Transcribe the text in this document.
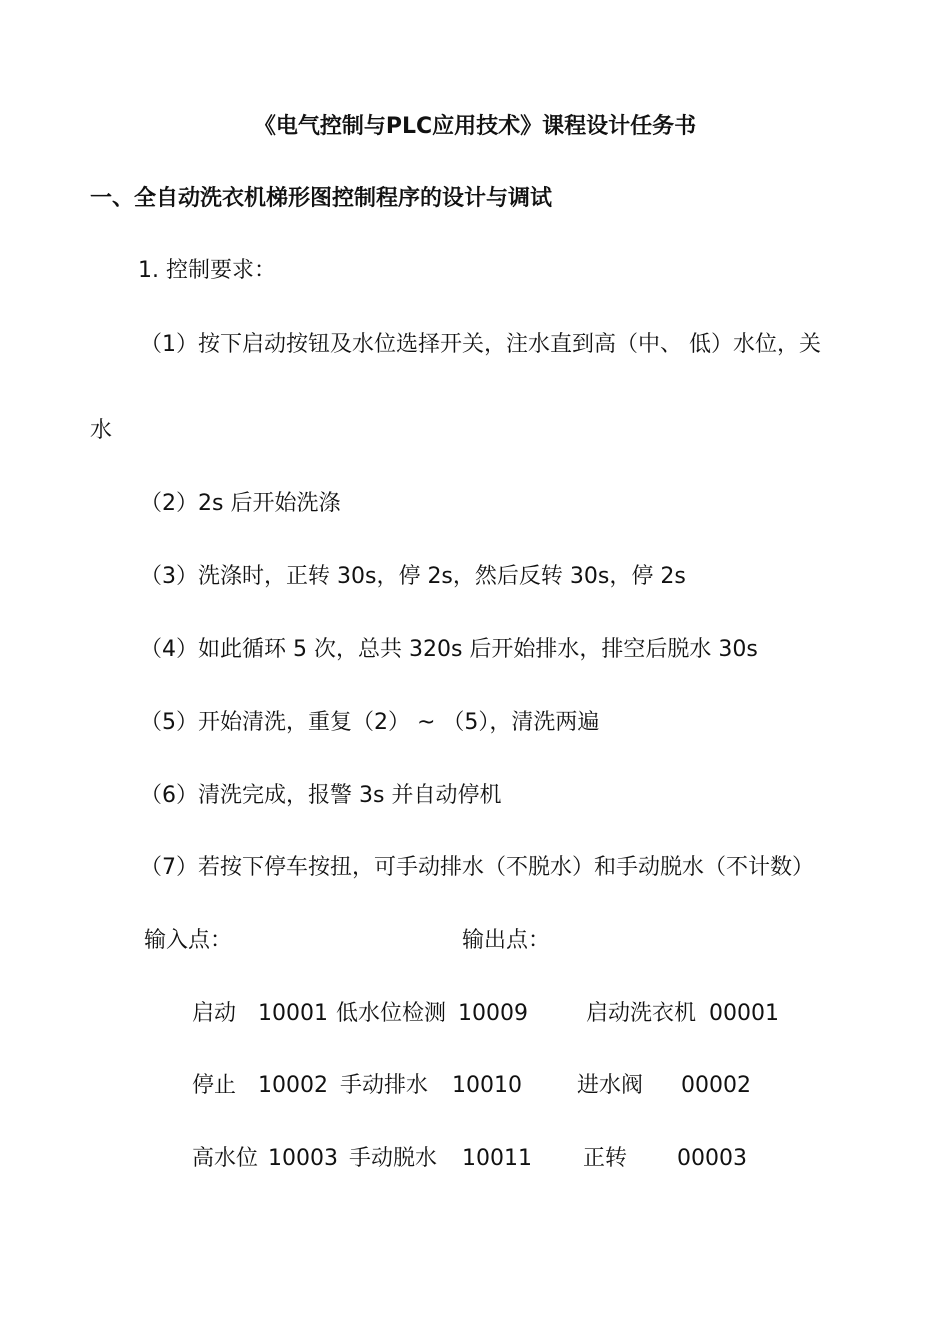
《电气控制与PLC应用技术》课程设计任务书
一、全自动洗衣机梯形图控制程序的设计与调试
1. 控制要求：
（1）按下启动按钮及水位选择开关，注水直到高（中、 低）水位，关
水
（2）2s 后开始洗涤
（3）洗涤时，正转 30s，停 2s，然后反转 30s，停 2s
（4）如此循环 5 次，总共 320s 后开始排水，排空后脱水 30s
（5）开始清洗，重复（2） ~ （5），清洗两遍
（6）清洗完成，报警 3s 并自动停机
（7）若按下停车按扭，可手动排水（不脱水）和手动脱水（不计数）
输入点：	输出点：
启动 10001 低水位检测 10009	启动洗衣机 00001
停止 10002 手动排水 10010	进水阀 00002
高水位 10003 手动脱水 10011 正转 00003
